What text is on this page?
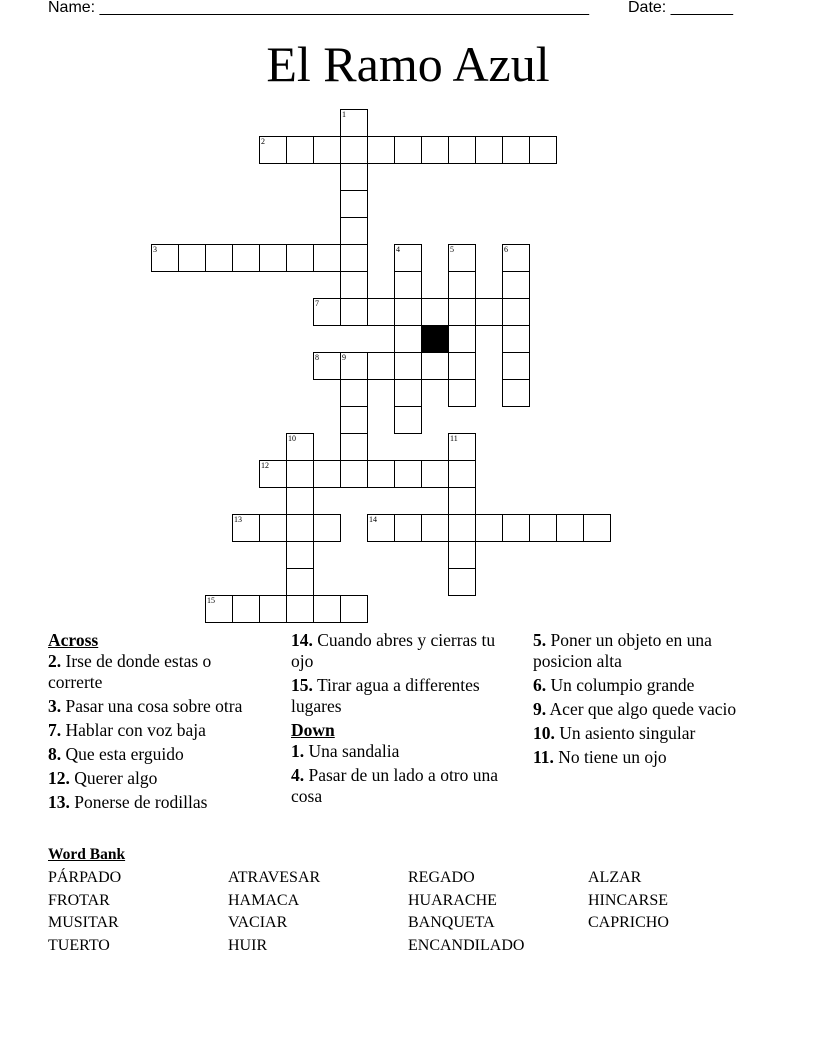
Name: _______________________________________________________

Date: _______

El Ramo Azul
1
2
3	4	5	6
7
8	9
10	11
12
13	14
15
Across
2. Irse de donde estas o correrte
3. Pasar una cosa sobre otra
7. Hablar con voz baja
8. Que esta erguido
12. Querer algo
13. Ponerse de rodillas
14. Cuando abres y cierras tu ojo
15. Tirar agua a differentes lugares
Down
1. Una sandalia
4. Pasar de un lado a otro una cosa
5. Poner un objeto en una posicion alta
6. Un columpio grande
9. Acer que algo quede vacio
10. Un asiento singular
11. No tiene un ojo
Word Bank
PÁRPADO	ATRAVESAR	REGADO	ALZAR
FROTAR	HAMACA	HUARACHE	HINCARSE
MUSITAR	VACIAR	BANQUETA	CAPRICHO
TUERTO	HUIR	ENCANDILADO
